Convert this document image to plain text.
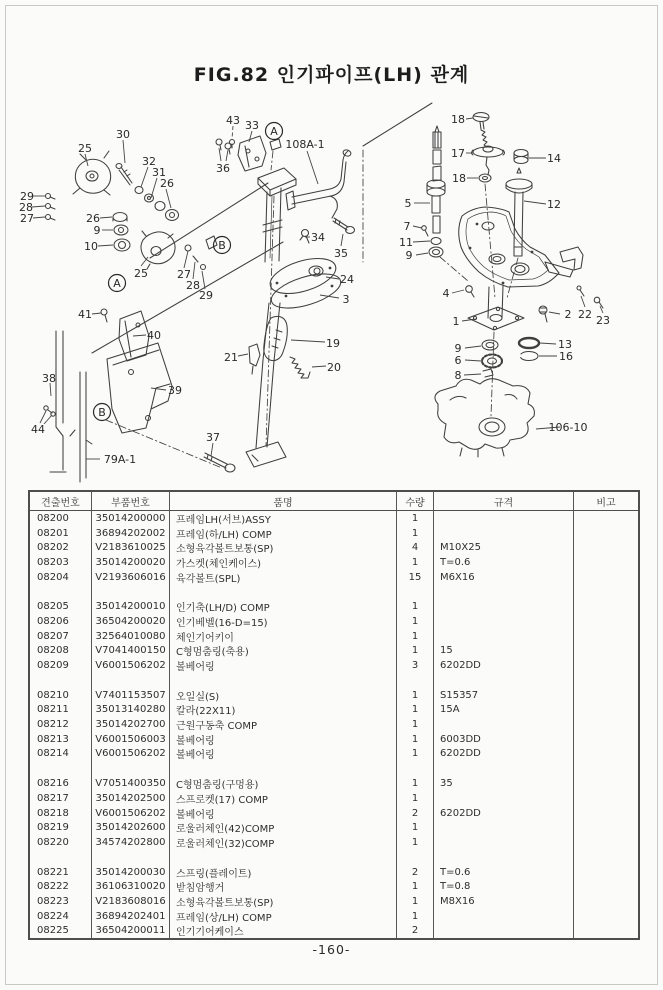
FIG.82 인기파이프(LH) 관계
25
30
32
31
26
29
28
27	26
9
10
25	27
28
29
43 33
108A-1
36
34
35
24
3
19
21
20
37
41
40
38
39
44
79A-1
18
17	14
18
5	12
7
11
9
4
2 22 23
1
9	13
6	16
8
106-10
A
B
A
B
견출번호	부품번호	품명	수량	규격	비고
08200	35014200000	프레임LH(서브)ASSY	1
08201	36894202002	프레임(하/LH) COMP	1
08202	V2183610025	소형육각볼트보통(SP)	4	M10X25
08203	35014200020	가스켓(체인케이스)	1	T=0.6
08204	V2193606016	육각볼트(SPL)	15	M6X16
08205	35014200010	인기축(LH/D) COMP	1
08206	36504200020	인기베벨(16-D=15)	1
08207	32564010080	체인기어키이	1
08208	V7041400150	C형멈춤링(축용)	1	15
08209	V6001506202	볼베어링	3	6202DD
08210	V7401153507	오일실(S)	1	S15357
08211	35013140280	칼라(22X11)	1	15A
08212	35014202700	근원구동축 COMP	1
08213	V6001506003	볼베어링	1	6003DD
08214	V6001506202	볼베어링	1	6202DD
08216	V7051400350	C형멈춤링(구멍용)	1	35
08217	35014202500	스프로켓(17) COMP	1
08218	V6001506202	볼베어링	2	6202DD
08219	35014202600	로울러체인(42)COMP	1
08220	34574202800	로울러체인(32)COMP	1
08221	35014200030	스프링(플레이트)	2	T=0.6
08222	36106310020	받침암행거	1	T=0.8
08223	V2183608016	소형육각볼트보통(SP)	1	M8X16
08224	36894202401	프레임(상/LH) COMP	1
08225	36504200011	인기기어케이스	2
-160-
